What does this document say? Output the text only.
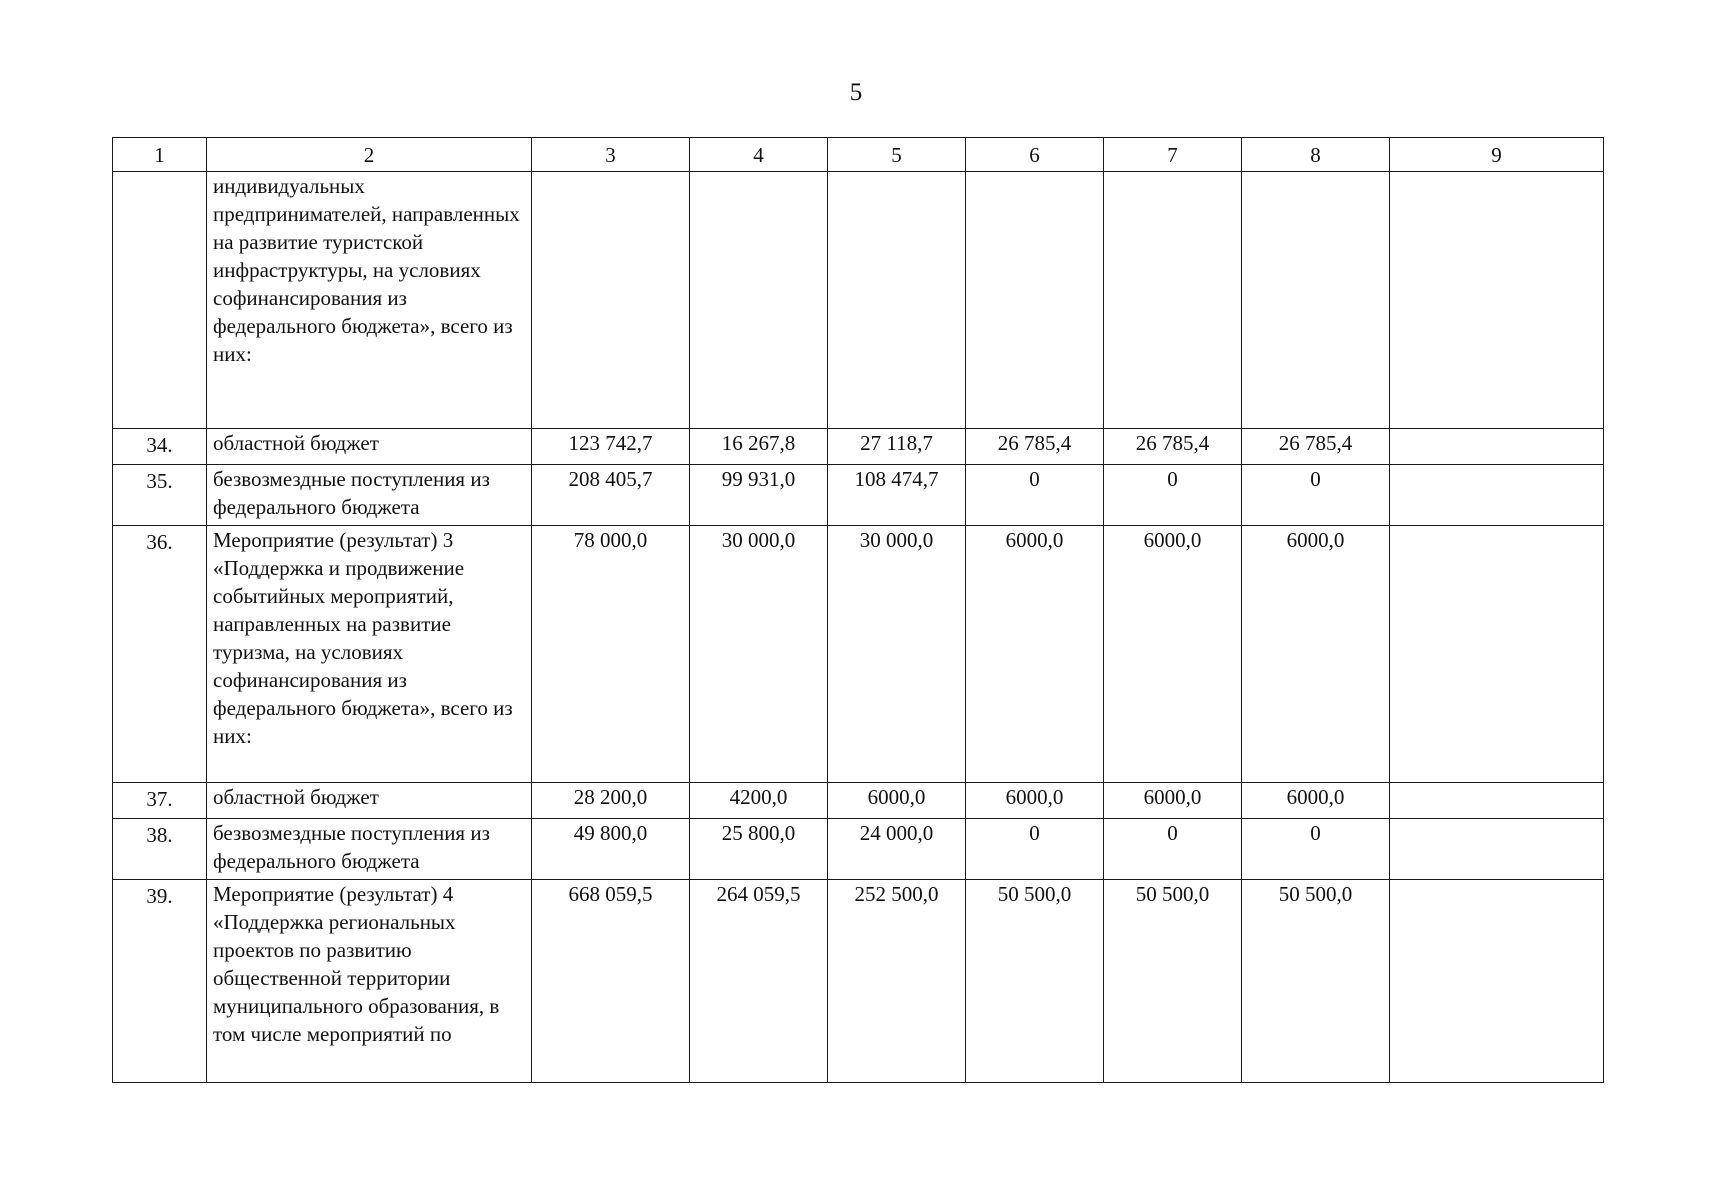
5
1	2	3	4	5	6	7	8	9
	индивидуальных предпринимателей, направленных на развитие туристской инфраструктуры, на условиях софинансирования из федерального бюджета», всего из них:							
34.	областной бюджет	123 742,7	16 267,8	27 118,7	26 785,4	26 785,4	26 785,4	
35.	безвозмездные поступления из федерального бюджета	208 405,7	99 931,0	108 474,7	0	0	0	
36.	Мероприятие (результат) 3 «Поддержка и продвижение событийных мероприятий, направленных на развитие туризма, на условиях софинансирования из федерального бюджета», всего из них:	78 000,0	30 000,0	30 000,0	6000,0	6000,0	6000,0	
37.	областной бюджет	28 200,0	4200,0	6000,0	6000,0	6000,0	6000,0	
38.	безвозмездные поступления из федерального бюджета	49 800,0	25 800,0	24 000,0	0	0	0	
39.	Мероприятие (результат) 4 «Поддержка региональных проектов по развитию общественной территории муниципального образования, в том числе мероприятий по	668 059,5	264 059,5	252 500,0	50 500,0	50 500,0	50 500,0	
